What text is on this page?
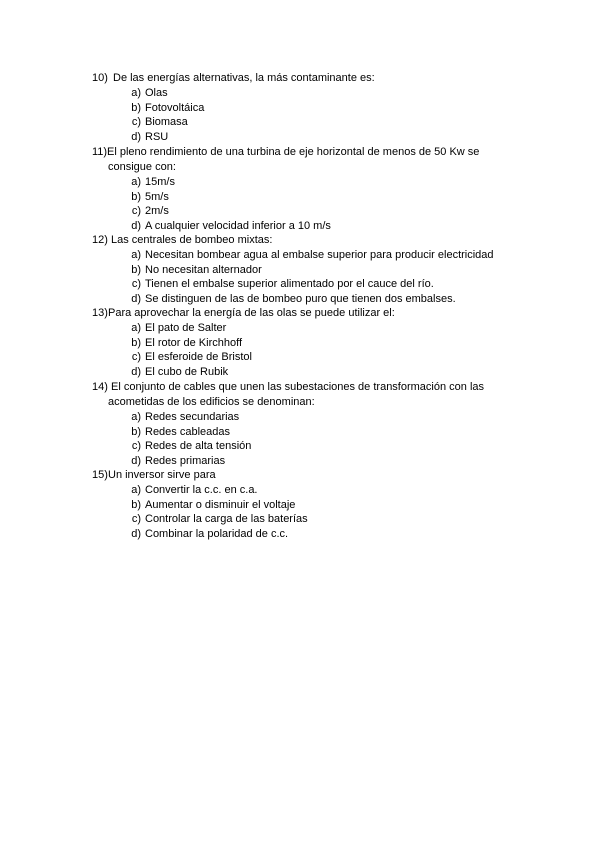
10) De las energías alternativas, la más contaminante es:
a) Olas
b) Fotovoltáica
c) Biomasa
d) RSU
11) El pleno rendimiento de una turbina de eje horizontal de menos de 50 Kw se
consigue con:
a) 15m/s
b) 5m/s
c) 2m/s
d) A cualquier velocidad inferior a 10 m/s
12) Las centrales de bombeo mixtas:
a) Necesitan bombear agua al embalse superior para producir electricidad
b) No necesitan alternador
c) Tienen el embalse superior alimentado por el cauce del río.
d) Se distinguen de las de bombeo puro que tienen dos embalses.
13) Para aprovechar la energía de las olas se puede utilizar el:
a) El pato de Salter
b) El rotor de Kirchhoff
c) El esferoide de Bristol
d) El cubo de Rubik
14) El conjunto de cables que unen las subestaciones de transformación con las
acometidas de los edificios se denominan:
a) Redes secundarias
b) Redes cableadas
c) Redes de alta tensión
d) Redes primarias
15) Un inversor sirve para
a) Convertir la c.c. en c.a.
b) Aumentar o disminuir el voltaje
c) Controlar la carga de las baterías
d) Combinar la polaridad de c.c.
